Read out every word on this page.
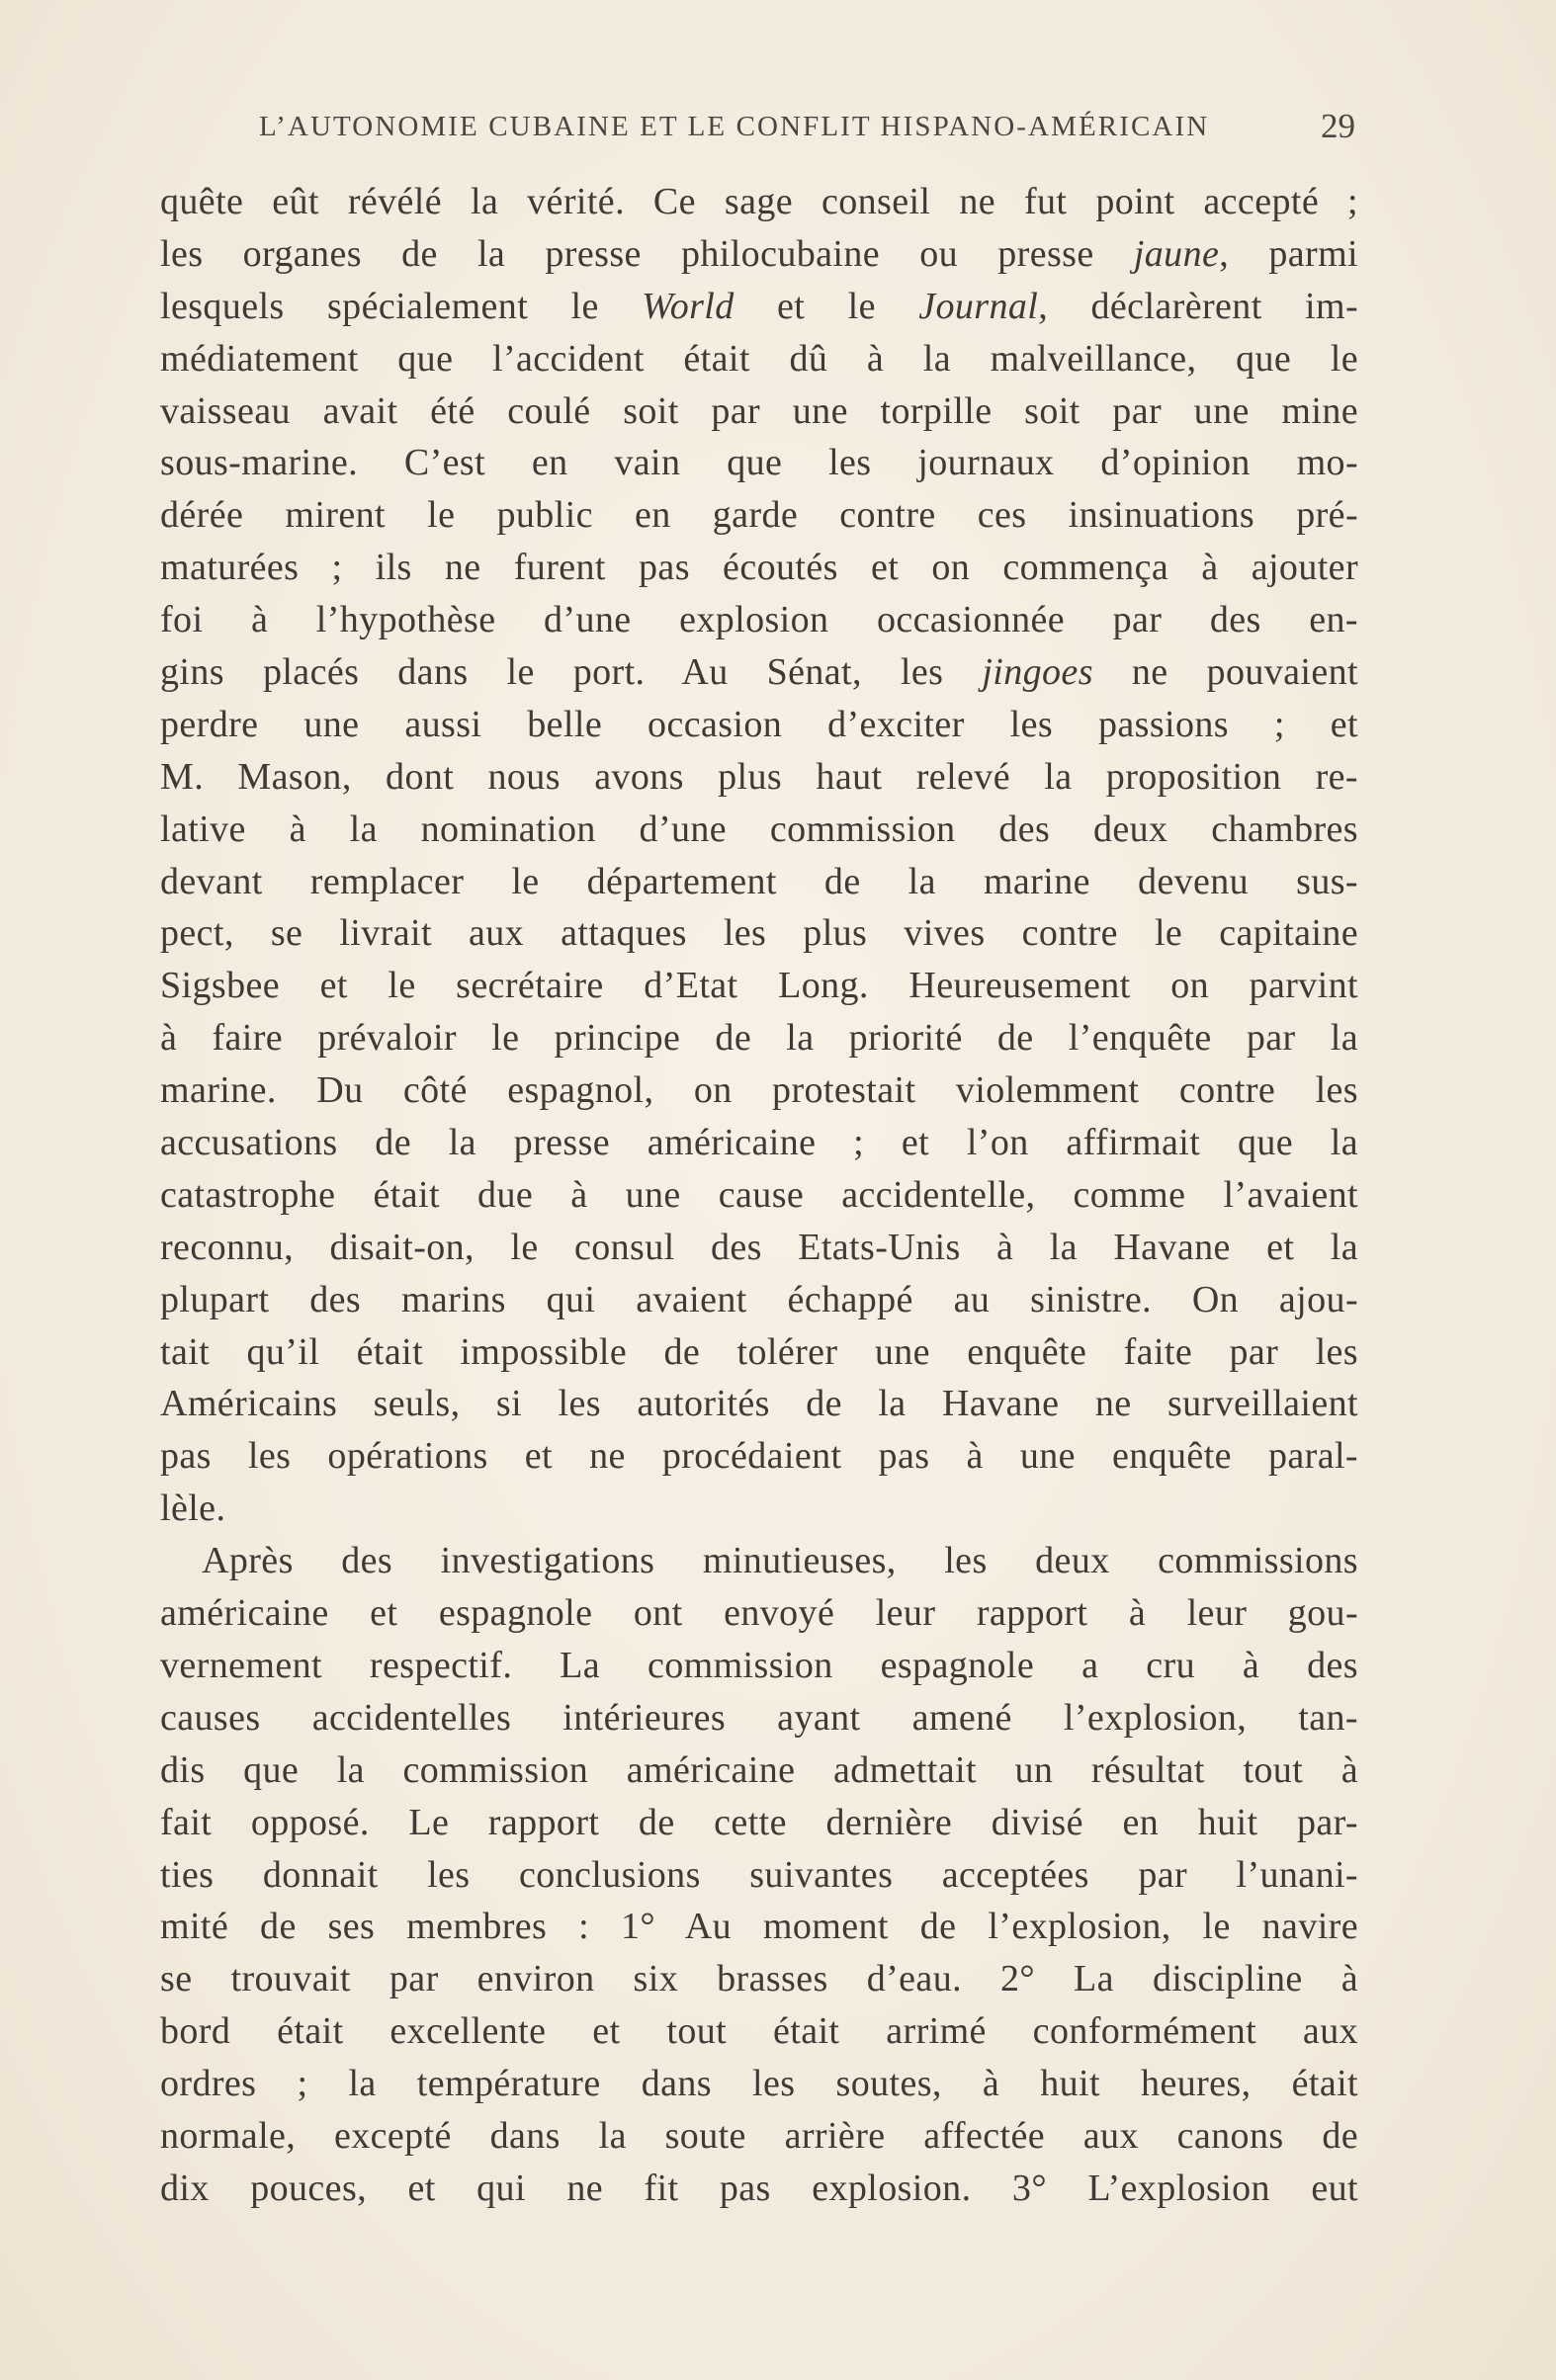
L’AUTONOMIE CUBAINE ET LE CONFLIT HISPANO-AMÉRICAIN	29
quête eût révélé la vérité. Ce sage conseil ne fut point accepté ;
les organes de la presse philocubaine ou presse jaune, parmi
lesquels spécialement le World et le Journal, déclarèrent im-
médiatement que l’accident était dû à la malveillance, que le
vaisseau avait été coulé soit par une torpille soit par une mine
sous-marine. C’est en vain que les journaux d’opinion mo-
dérée mirent le public en garde contre ces insinuations pré-
maturées ; ils ne furent pas écoutés et on commença à ajouter
foi à l’hypothèse d’une explosion occasionnée par des en-
gins placés dans le port. Au Sénat, les jingoes ne pouvaient
perdre une aussi belle occasion d’exciter les passions ; et
M. Mason, dont nous avons plus haut relevé la proposition re-
lative à la nomination d’une commission des deux chambres
devant remplacer le département de la marine devenu sus-
pect, se livrait aux attaques les plus vives contre le capitaine
Sigsbee et le secrétaire d’Etat Long. Heureusement on parvint
à faire prévaloir le principe de la priorité de l’enquête par la
marine. Du côté espagnol, on protestait violemment contre les
accusations de la presse américaine ; et l’on affirmait que la
catastrophe était due à une cause accidentelle, comme l’avaient
reconnu, disait-on, le consul des Etats-Unis à la Havane et la
plupart des marins qui avaient échappé au sinistre. On ajou-
tait qu’il était impossible de tolérer une enquête faite par les
Américains seuls, si les autorités de la Havane ne surveillaient
pas les opérations et ne procédaient pas à une enquête paral-
lèle.
Après des investigations minutieuses, les deux commissions
américaine et espagnole ont envoyé leur rapport à leur gou-
vernement respectif. La commission espagnole a cru à des
causes accidentelles intérieures ayant amené l’explosion, tan-
dis que la commission américaine admettait un résultat tout à
fait opposé. Le rapport de cette dernière divisé en huit par-
ties donnait les conclusions suivantes acceptées par l’unani-
mité de ses membres : 1° Au moment de l’explosion, le navire
se trouvait par environ six brasses d’eau. 2° La discipline à
bord était excellente et tout était arrimé conformément aux
ordres ; la température dans les soutes, à huit heures, était
normale, excepté dans la soute arrière affectée aux canons de
dix pouces, et qui ne fit pas explosion. 3° L’explosion eut
